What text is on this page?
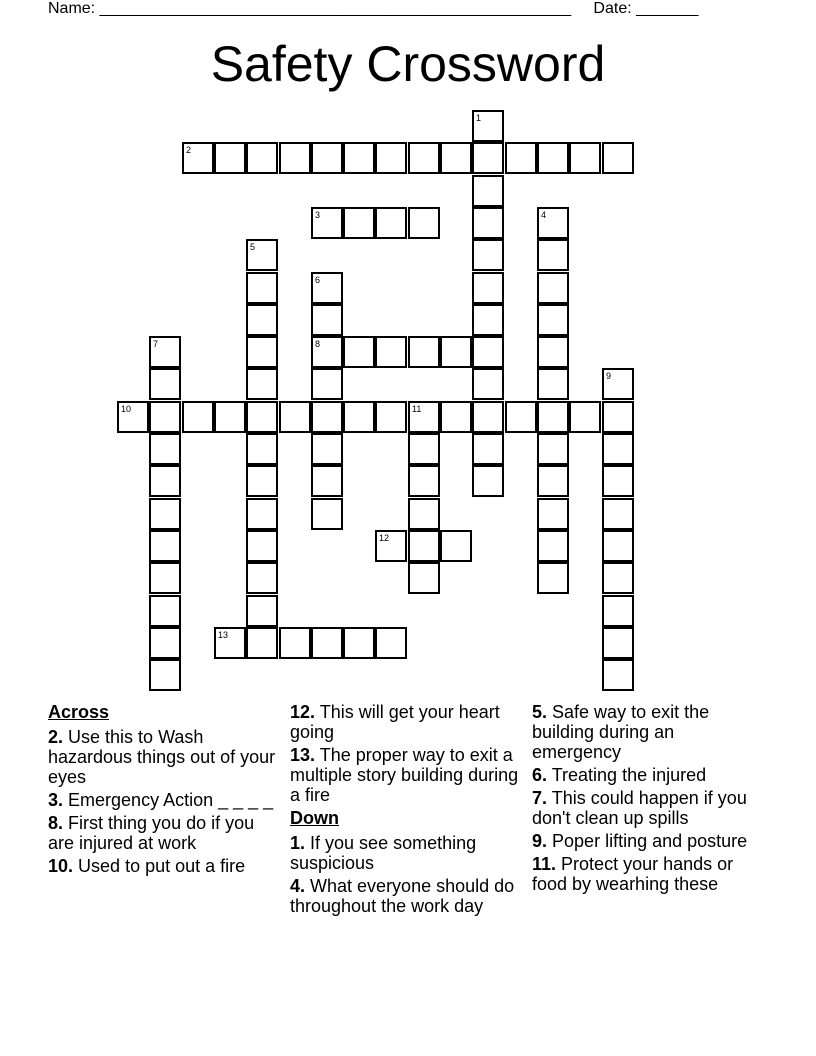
Name: _____________________________________________________     Date: _______
Safety Crossword
1
2
3	4
5
6
8
7
9
10	11
12
13
Across
2. Use this to Wash hazardous things out of your eyes
3. Emergency Action _ _ _ _
8. First thing you do if you are injured at work
10. Used to put out a fire
12. This will get your heart going
13. The proper way to exit a multiple story building during a fire
Down
1. If you see something suspicious
4. What everyone should do throughout the work day
5. Safe way to exit the building during an emergency
6. Treating the injured
7. This could happen if you don't clean up spills
9. Poper lifting and posture
11. Protect your hands or food by wearhing these
